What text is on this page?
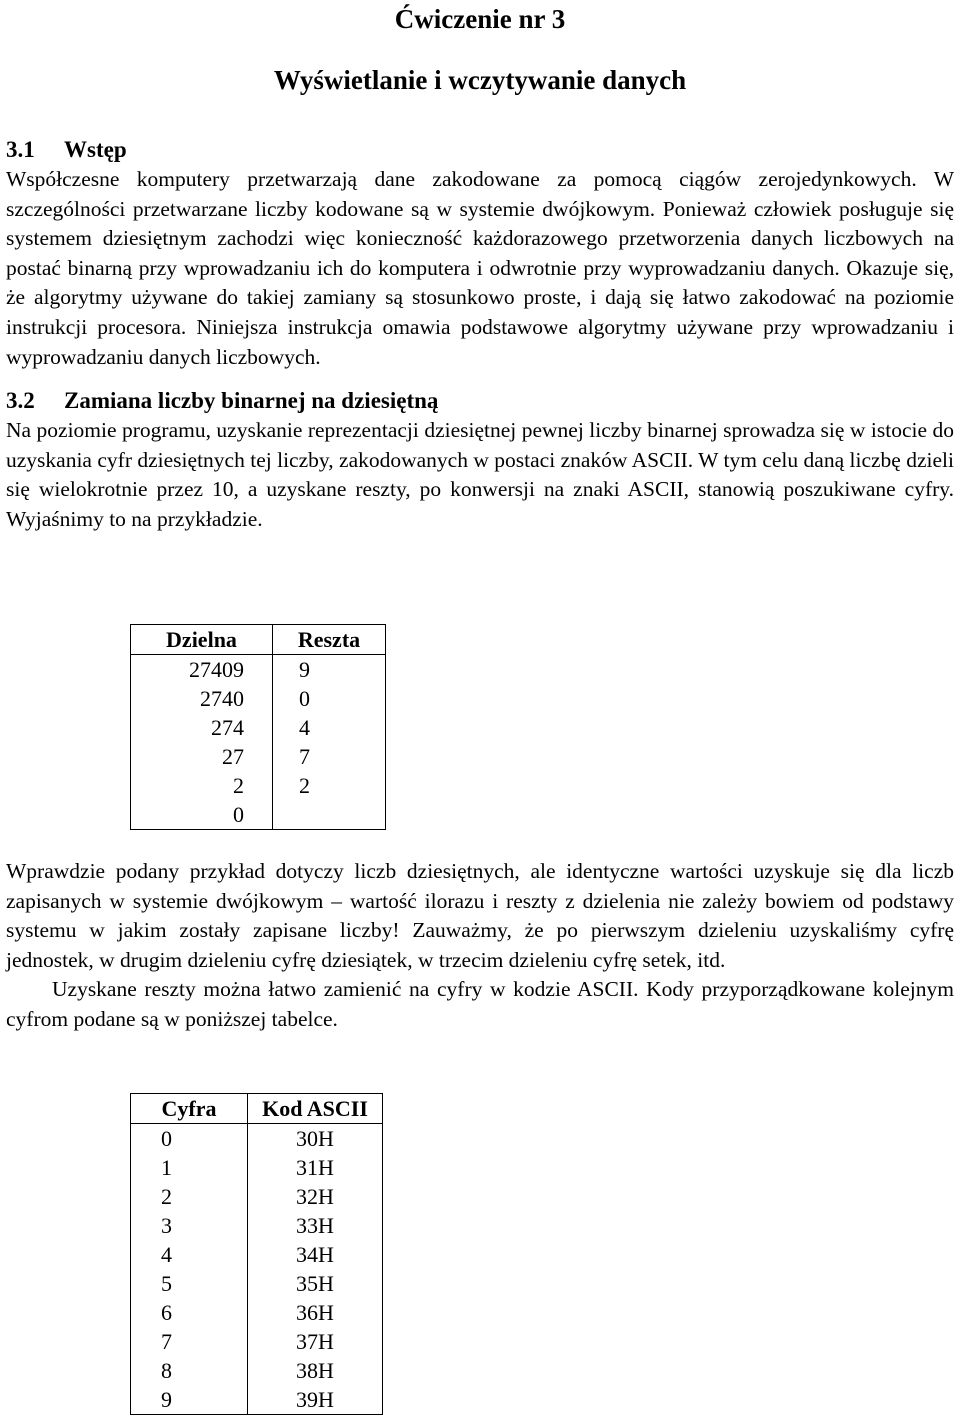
Ćwiczenie nr 3
Wyświetlanie i wczytywanie danych
3.1 Wstęp

Współczesne komputery przetwarzają dane zakodowane za pomocą ciągów zerojedynkowych. W szczególności przetwarzane liczby kodowane są w systemie dwójkowym. Ponieważ człowiek posługuje się systemem dziesiętnym zachodzi więc konieczność każdorazowego przetworzenia danych liczbowych na postać binarną przy wprowadzaniu ich do komputera i odwrotnie przy wyprowadzaniu danych. Okazuje się, że algorytmy używane do takiej zamiany są stosunkowo proste, i dają się łatwo zakodować na poziomie instrukcji procesora. Niniejsza instrukcja omawia podstawowe algorytmy używane przy wprowadzaniu i wyprowadzaniu danych liczbowych.

3.2 Zamiana liczby binarnej na dziesiętną

Na poziomie programu, uzyskanie reprezentacji dziesiętnej pewnej liczby binarnej sprowadza się w istocie do uzyskania cyfr dziesiętnych tej liczby, zakodowanych w postaci znaków ASCII. W tym celu daną liczbę dzieli się wielokrotnie przez 10, a uzyskane reszty, po konwersji na znaki ASCII, stanowią poszukiwane cyfry. Wyjaśnimy to na przykładzie.

Dzielna	Reszta
27409	9
2740	0
274	4
27	7
2	2
0	

Wprawdzie podany przykład dotyczy liczb dziesiętnych, ale identyczne wartości uzyskuje się dla liczb zapisanych w systemie dwójkowym – wartość ilorazu i reszty z dzielenia nie zależy bowiem od podstawy systemu w jakim zostały zapisane liczby! Zauważmy, że po pierwszym dzieleniu uzyskaliśmy cyfrę jednostek, w drugim dzieleniu cyfrę dziesiątek, w trzecim dzieleniu cyfrę setek, itd.

Uzyskane reszty można łatwo zamienić na cyfry w kodzie ASCII. Kody przyporządkowane kolejnym cyfrom podane są w poniższej tabelce.

Cyfra	Kod ASCII
0	30H
1	31H
2	32H
3	33H
4	34H
5	35H
6	36H
7	37H
8	38H
9	39H
